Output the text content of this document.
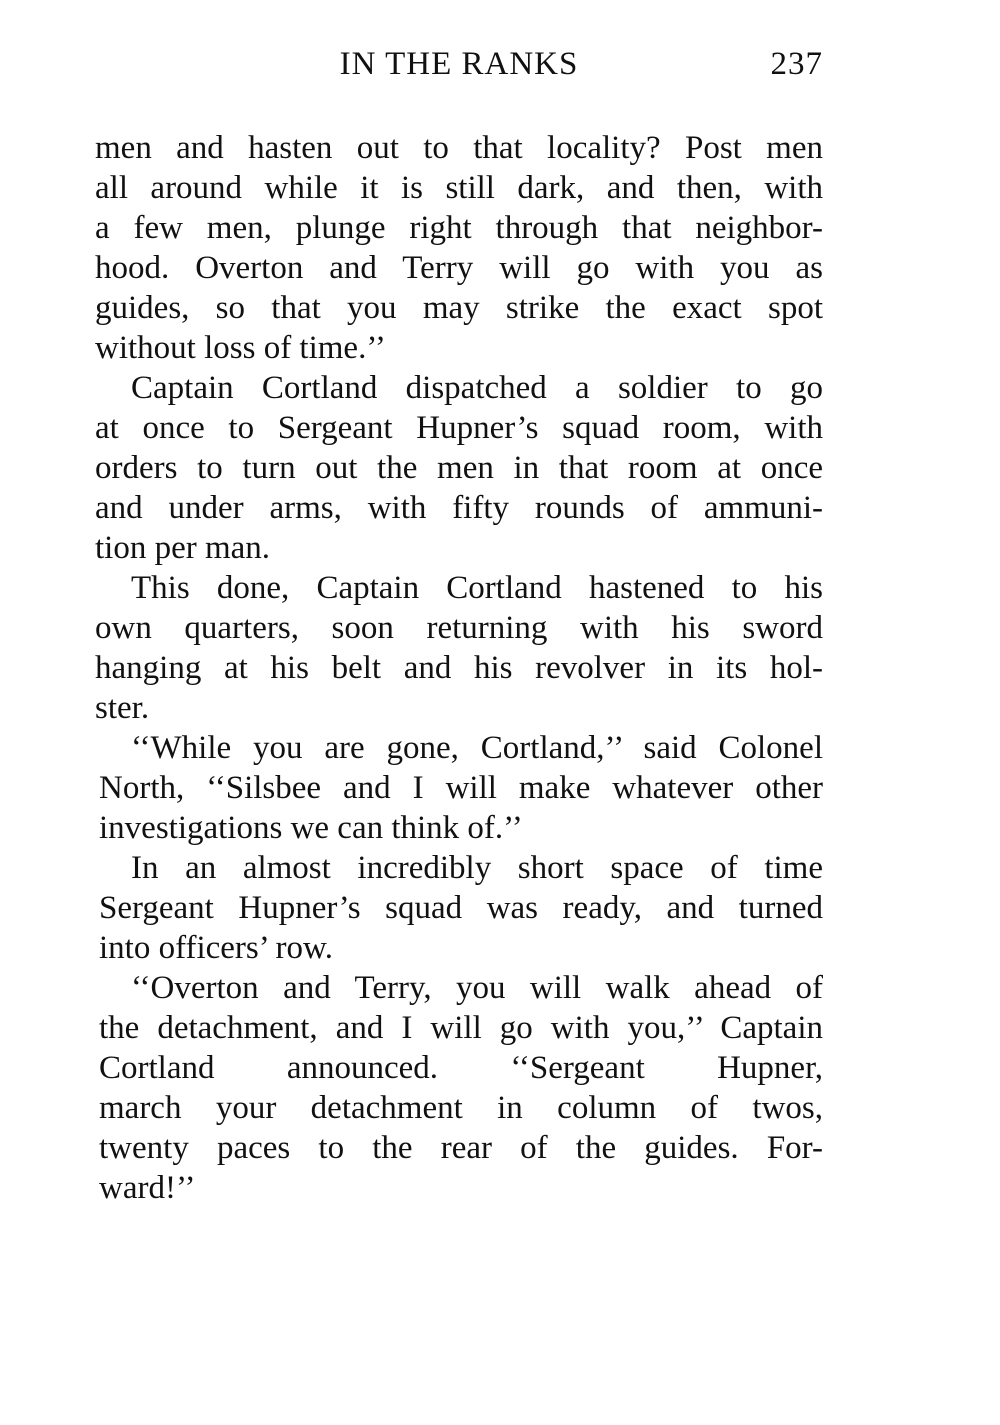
IN THE RANKS	237
men and hasten out to that locality? Post men
all around while it is still dark, and then, with
a few men, plunge right through that neighbor-
hood. Overton and Terry will go with you as
guides, so that you may strike the exact spot
without loss of time.’’
Captain Cortland dispatched a soldier to go
at once to Sergeant Hupner’s squad room, with
orders to turn out the men in that room at once
and under arms, with fifty rounds of ammuni-
tion per man.
This done, Captain Cortland hastened to his
own quarters, soon returning with his sword
hanging at his belt and his revolver in its hol-
ster.
‘‘While you are gone, Cortland,’’ said Colonel
North, ‘‘Silsbee and I will make whatever other
investigations we can think of.’’
In an almost incredibly short space of time
Sergeant Hupner’s squad was ready, and turned
into officers’ row.
‘‘Overton and Terry, you will walk ahead of
the detachment, and I will go with you,’’ Captain
Cortland announced. ‘‘Sergeant Hupner,
march your detachment in column of twos,
twenty paces to the rear of the guides. For-
ward!’’
